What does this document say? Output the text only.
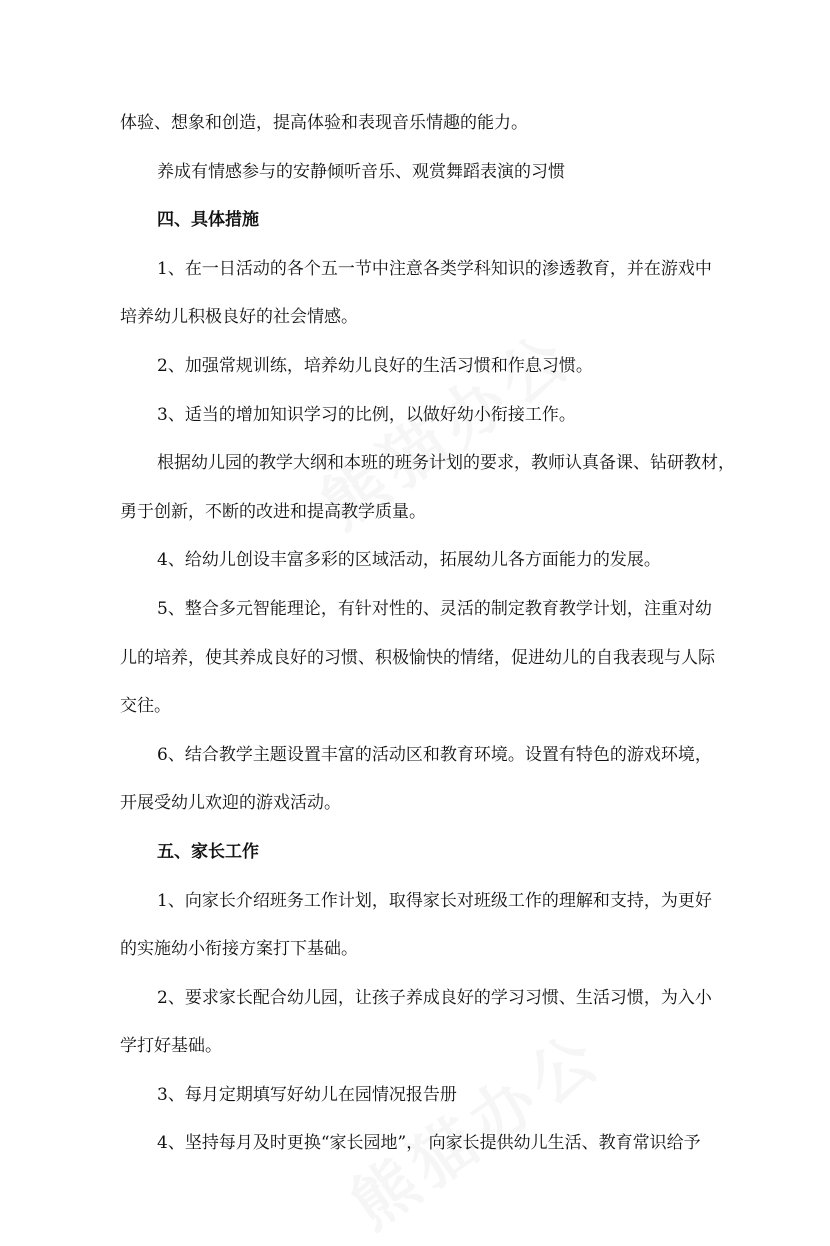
体验、想象和创造，提高体验和表现音乐情趣的能力。
养成有情感参与的安静倾听音乐、观赏舞蹈表演的习惯
四、具体措施
1、在一日活动的各个五一节中注意各类学科知识的渗透教育，并在游戏中
培养幼儿积极良好的社会情感。
2、加强常规训练，培养幼儿良好的生活习惯和作息习惯。
3、适当的增加知识学习的比例，以做好幼小衔接工作。
根据幼儿园的教学大纲和本班的班务计划的要求，教师认真备课、钻研教材，
勇于创新，不断的改进和提高教学质量。
4、给幼儿创设丰富多彩的区域活动，拓展幼儿各方面能力的发展。
5、整合多元智能理论，有针对性的、灵活的制定教育教学计划，注重对幼
儿的培养，使其养成良好的习惯、积极愉快的情绪，促进幼儿的自我表现与人际
交往。
6、结合教学主题设置丰富的活动区和教育环境。设置有特色的游戏环境，
开展受幼儿欢迎的游戏活动。
五、家长工作
1、向家长介绍班务工作计划，取得家长对班级工作的理解和支持，为更好
的实施幼小衔接方案打下基础。
2、要求家长配合幼儿园，让孩子养成良好的学习习惯、生活习惯，为入小
学打好基础。
3、每月定期填写好幼儿在园情况报告册
4、坚持每月及时更换“家长园地”， 向家长提供幼儿生活、教育常识给予
